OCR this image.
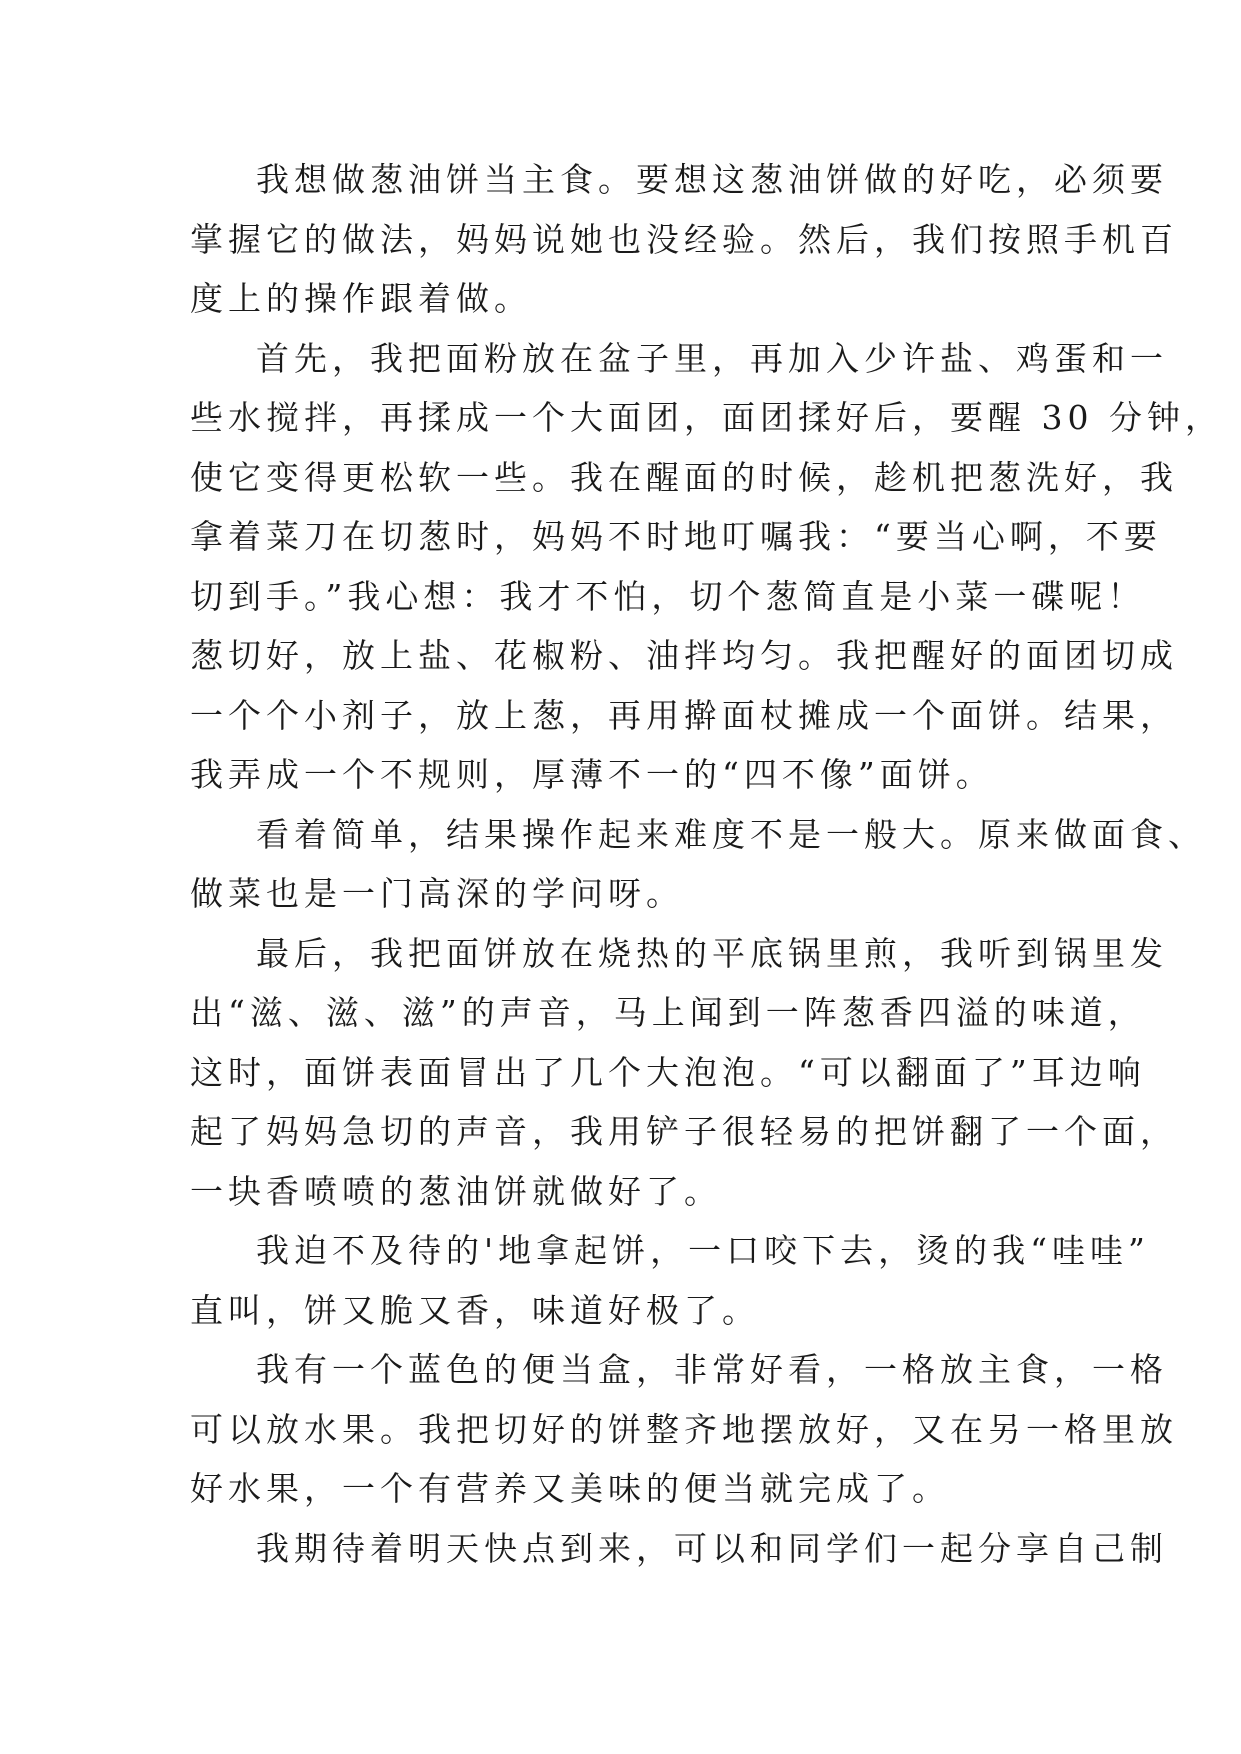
我想做葱油饼当主食。要想这葱油饼做的好吃，必须要
掌握它的做法，妈妈说她也没经验。然后，我们按照手机百
度上的操作跟着做。
首先，我把面粉放在盆子里，再加入少许盐、鸡蛋和一
些水搅拌，再揉成一个大面团，面团揉好后，要醒 30 分钟，
使它变得更松软一些。我在醒面的时候，趁机把葱洗好，我
拿着菜刀在切葱时，妈妈不时地叮嘱我：“要当心啊，不要
切到手。”我心想：我才不怕，切个葱简直是小菜一碟呢！
葱切好，放上盐、花椒粉、油拌均匀。我把醒好的面团切成
一个个小剂子，放上葱，再用擀面杖摊成一个面饼。结果，
我弄成一个不规则，厚薄不一的“四不像”面饼。
看着简单，结果操作起来难度不是一般大。原来做面食、
做菜也是一门高深的学问呀。
最后，我把面饼放在烧热的平底锅里煎，我听到锅里发
出“滋、滋、滋”的声音，马上闻到一阵葱香四溢的味道，
这时，面饼表面冒出了几个大泡泡。“可以翻面了”耳边响
起了妈妈急切的声音，我用铲子很轻易的把饼翻了一个面，
一块香喷喷的葱油饼就做好了。
我迫不及待的'地拿起饼，一口咬下去，烫的我“哇哇”
直叫，饼又脆又香，味道好极了。
我有一个蓝色的便当盒，非常好看，一格放主食，一格
可以放水果。我把切好的饼整齐地摆放好，又在另一格里放
好水果，一个有营养又美味的便当就完成了。
我期待着明天快点到来，可以和同学们一起分享自己制
